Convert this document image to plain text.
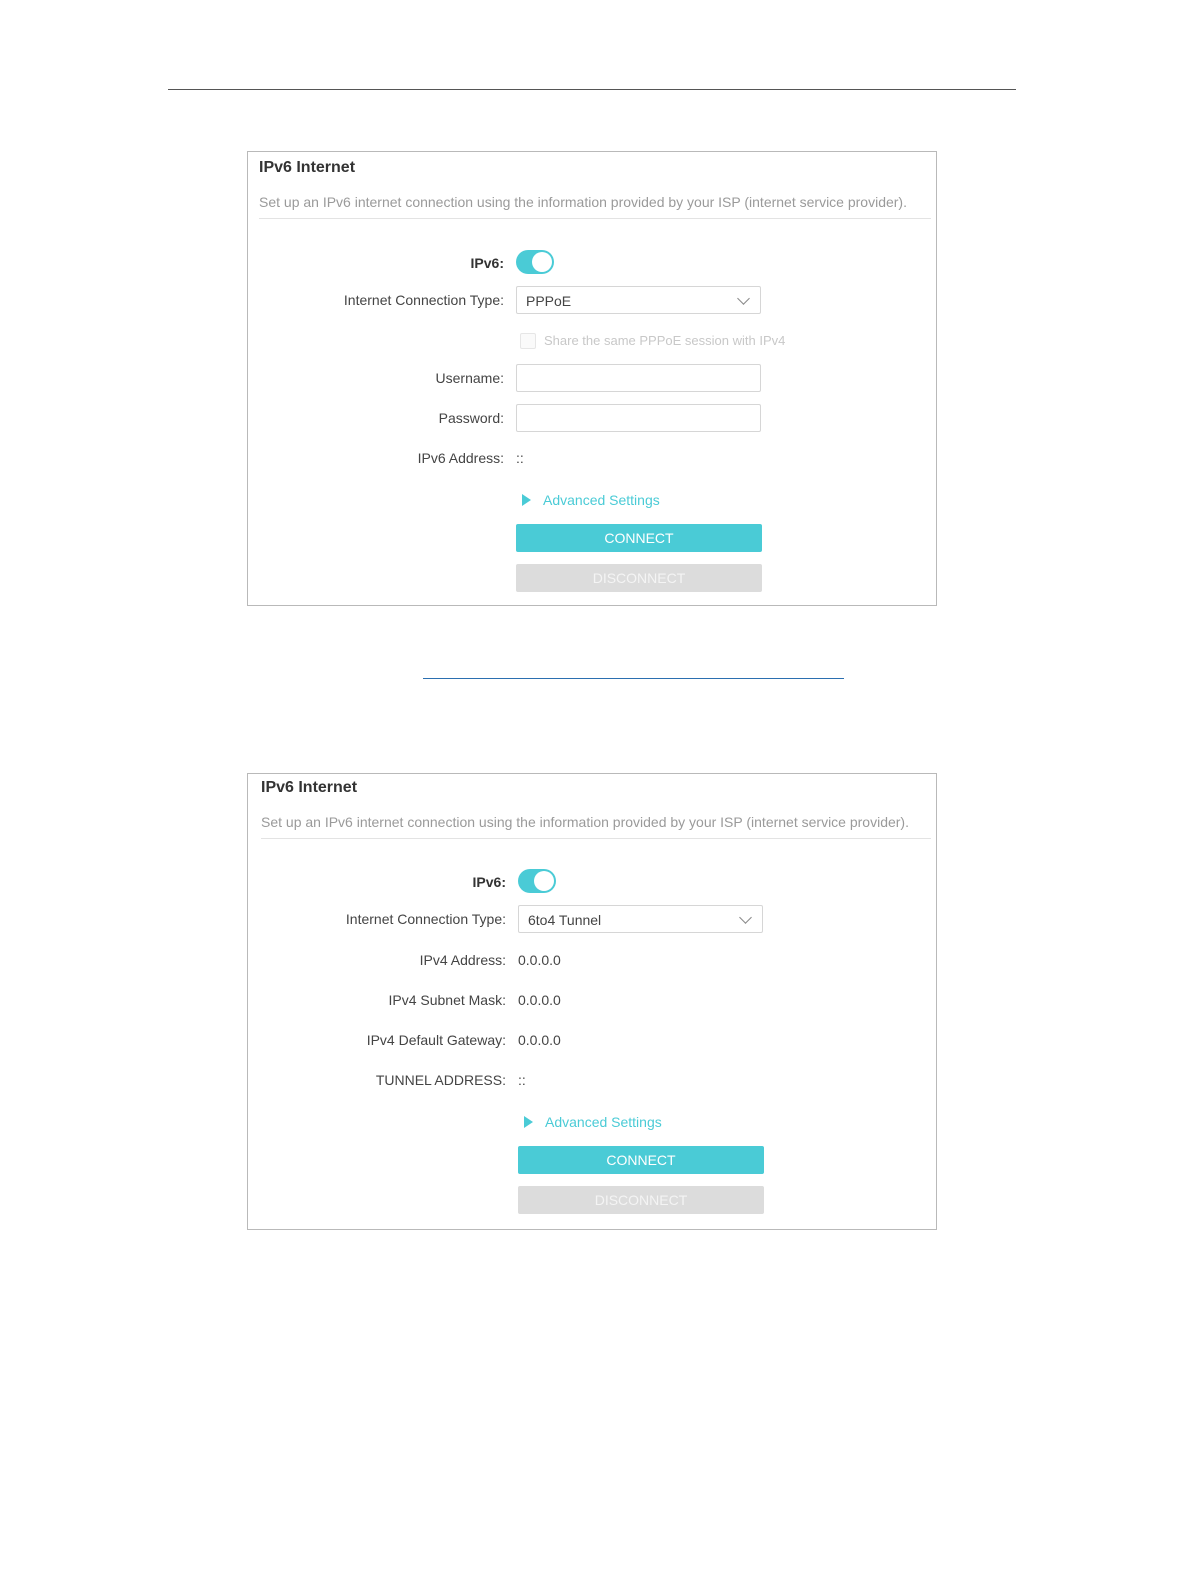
IPv6 Internet
Set up an IPv6 internet connection using the information provided by your ISP (internet service provider).
IPv6:
Internet Connection Type: PPPoE
Share the same PPPoE session with IPv4
Username:
Password:
IPv6 Address: ::
Advanced Settings
CONNECT
DISCONNECT
IPv6 Internet
Set up an IPv6 internet connection using the information provided by your ISP (internet service provider).
IPv6:
Internet Connection Type: 6to4 Tunnel
IPv4 Address: 0.0.0.0
IPv4 Subnet Mask: 0.0.0.0
IPv4 Default Gateway: 0.0.0.0
TUNNEL ADDRESS: ::
Advanced Settings
CONNECT
DISCONNECT
